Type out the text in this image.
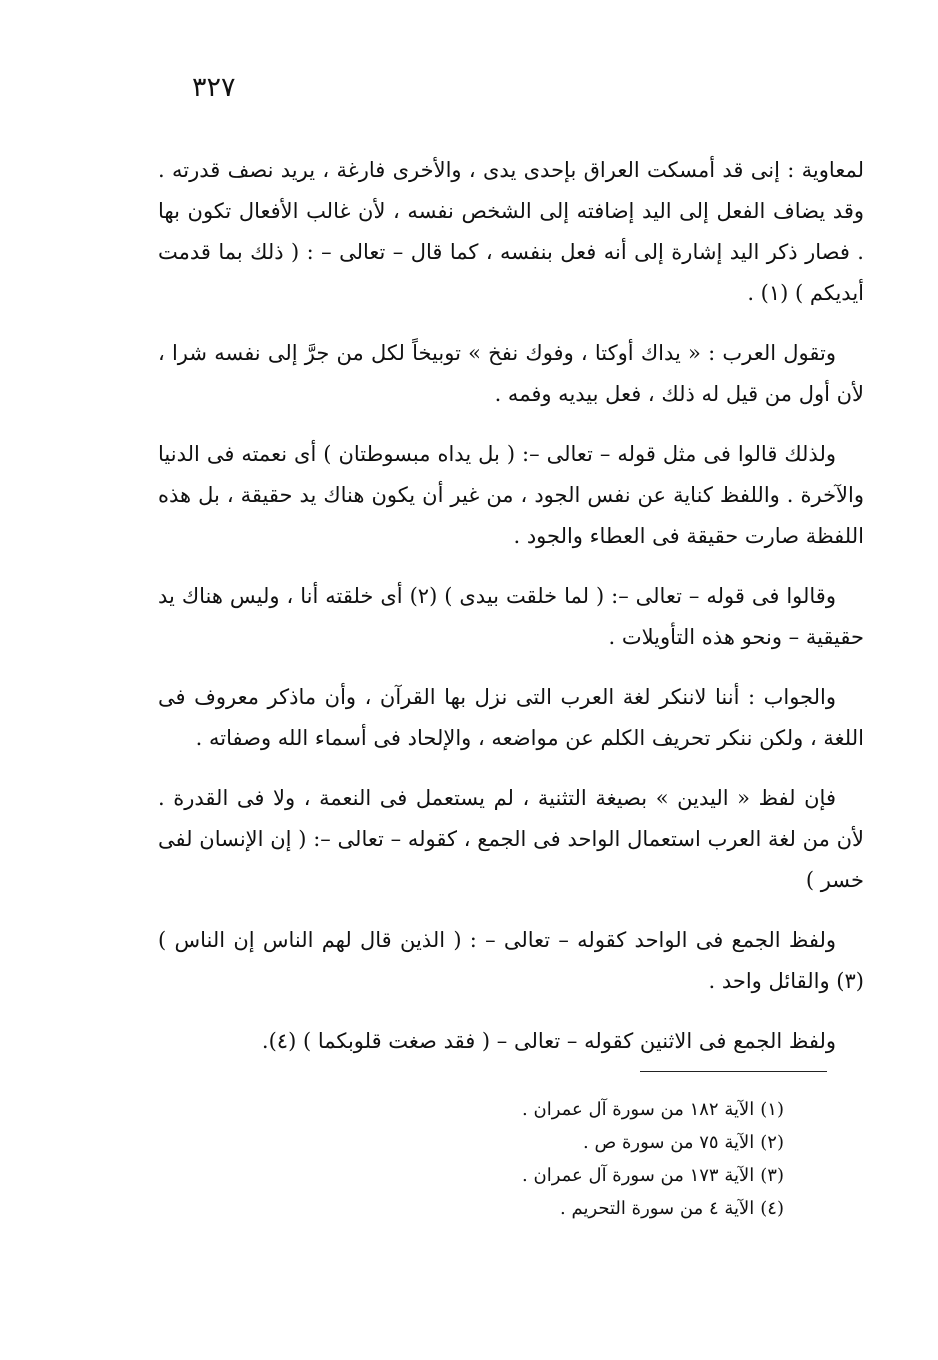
٣٢٧

لمعاوية : إنى قد أمسكت العراق بإحدى يدى ، والأخرى فارغة ، يريد نصف قدرته . وقد يضاف الفعل إلى اليد إضافته إلى الشخص نفسه ، لأن غالب الأفعال تكون بها . فصار ذكر اليد إشارة إلى أنه فعل بنفسه ، كما قال – تعالى – : ( ذلك بما قدمت أيديكم ) (١) .

وتقول العرب : « يداك أوكتا ، وفوك نفخ » توبيخاً لكل من جرَّ إلى نفسه شرا ، لأن أول من قيل له ذلك ، فعل بيديه وفمه .

ولذلك قالوا فى مثل قوله – تعالى –: ( بل يداه مبسوطتان ) أى نعمته فى الدنيا والآخرة . واللفظ كناية عن نفس الجود ، من غير أن يكون هناك يد حقيقة ، بل هذه اللفظة صارت حقيقة فى العطاء والجود .

وقالوا فى قوله – تعالى –: ( لما خلقت بيدى ) (٢) أى خلقته أنا ، وليس هناك يد حقيقية – ونحو هذه التأويلات .

والجواب : أننا لاننكر لغة العرب التى نزل بها القرآن ، وأن ماذكر معروف فى اللغة ، ولكن ننكر تحريف الكلم عن مواضعه ، والإلحاد فى أسماء الله وصفاته .

فإن لفظ « اليدين » بصيغة التثنية ، لم يستعمل فى النعمة ، ولا فى القدرة . لأن من لغة العرب استعمال الواحد فى الجمع ، كقوله – تعالى –: ( إن الإنسان لفى خسر )

ولفظ الجمع فى الواحد كقوله – تعالى – : ( الذين قال لهم الناس إن الناس ) (٣) والقائل واحد .

ولفظ الجمع فى الاثنين كقوله – تعالى – ( فقد صغت قلوبكما ) (٤).

(١)الآية ١٨٢ من سورة آل عمران .
(٢)الآية ٧٥ من سورة ص .
(٣)الآية ١٧٣ من سورة آل عمران .
(٤)الآية ٤ من سورة التحريم .
